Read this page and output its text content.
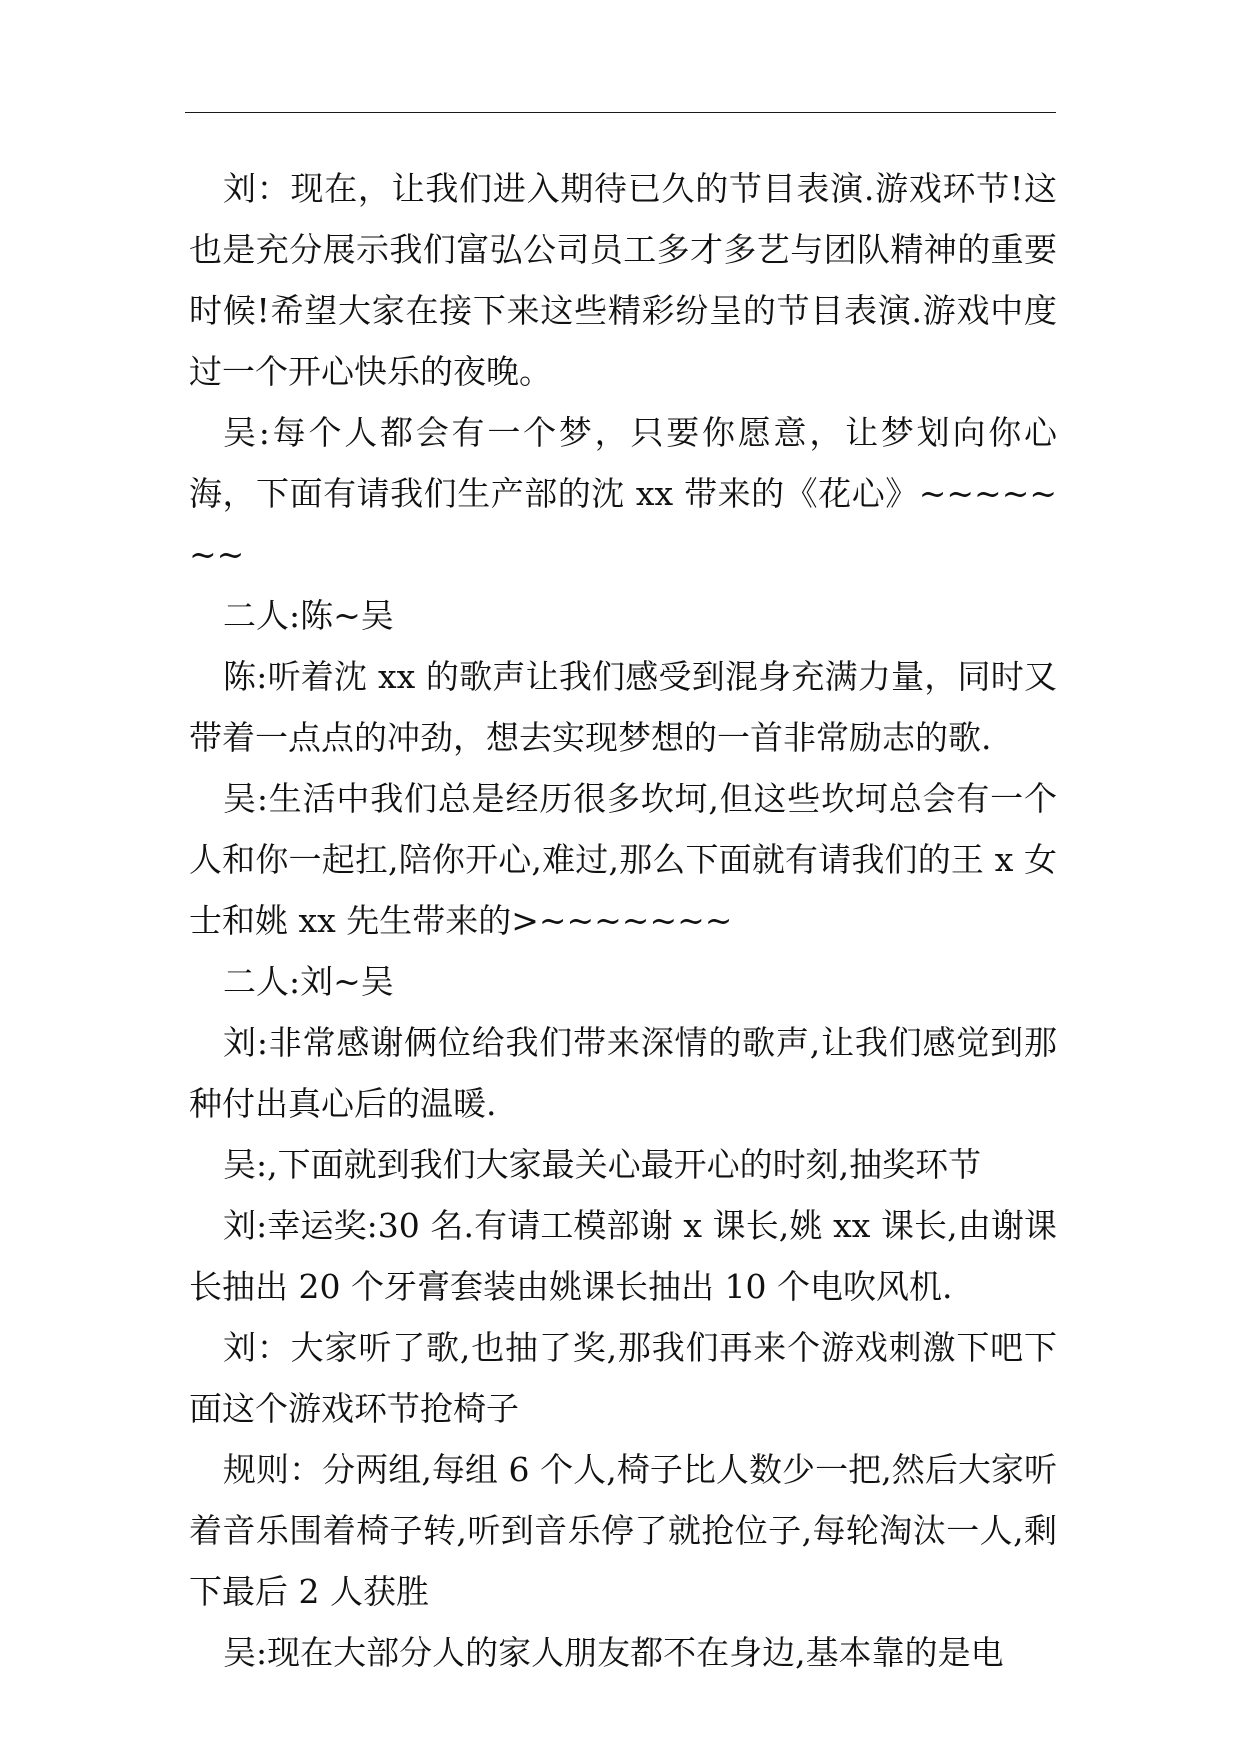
刘：现在，让我们进入期待已久的节目表演.游戏环节!这也是充分展示我们富弘公司员工多才多艺与团队精神的重要时候!希望大家在接下来这些精彩纷呈的节目表演.游戏中度过一个开心快乐的夜晚。

吴:每个人都会有一个梦，只要你愿意，让梦划向你心海，下面有请我们生产部的沈 xx 带来的《花心》~~~~~~~

二人:陈~吴

陈:听着沈 xx 的歌声让我们感受到混身充满力量，同时又带着一点点的冲劲，想去实现梦想的一首非常励志的歌.

吴:生活中我们总是经历很多坎坷,但这些坎坷总会有一个人和你一起扛,陪你开心,难过,那么下面就有请我们的王 x 女士和姚 xx 先生带来的>~~~~~~~

二人:刘~吴

刘:非常感谢俩位给我们带来深情的歌声,让我们感觉到那种付出真心后的温暖.

吴:,下面就到我们大家最关心最开心的时刻,抽奖环节

刘:幸运奖:30 名.有请工模部谢 x 课长,姚 xx 课长,由谢课长抽出 20 个牙膏套装由姚课长抽出 10 个电吹风机.

刘：大家听了歌,也抽了奖,那我们再来个游戏刺激下吧下面这个游戏环节抢椅子

规则：分两组,每组 6 个人,椅子比人数少一把,然后大家听着音乐围着椅子转,听到音乐停了就抢位子,每轮淘汰一人,剩下最后 2 人获胜

吴:现在大部分人的家人朋友都不在身边,基本靠的是电
